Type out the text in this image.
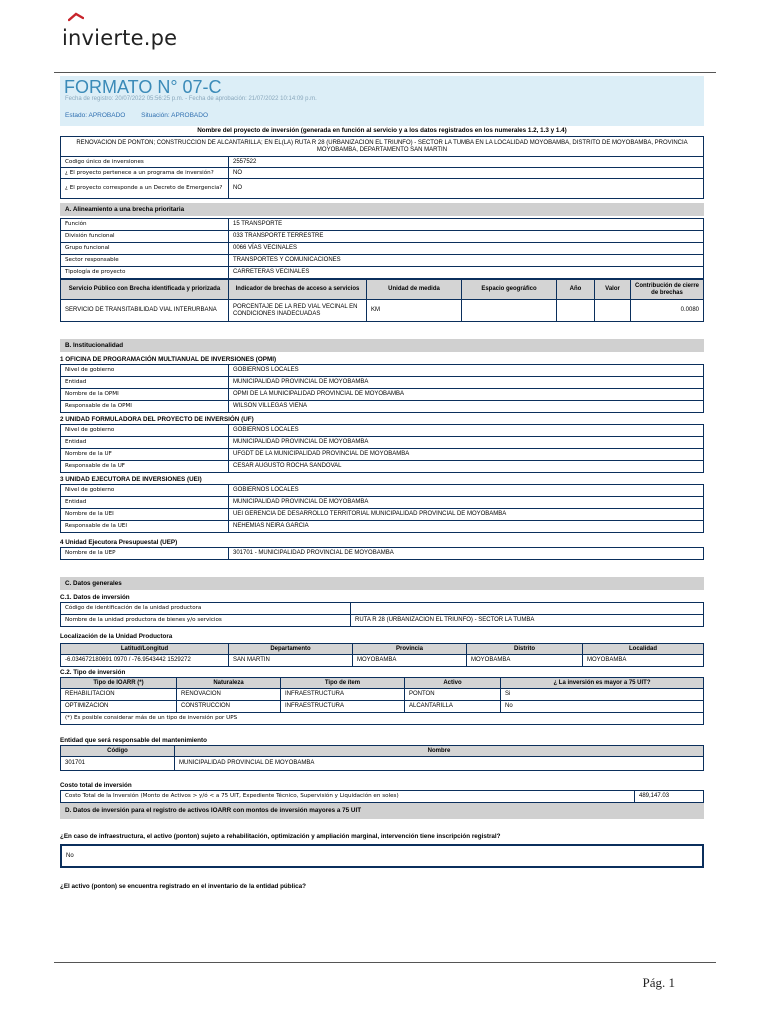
invierte.pe
FORMATO N° 07-C
Fecha de registro: 20/07/2022 05:56:25 p.m. - Fecha de aprobación: 21/07/2022 10:14:09 p.m.
Estado: APROBADO Situación: APROBADO
Nombre del proyecto de inversión (generada en función al servicio y a los datos registrados en los numerales 1.2, 1.3 y 1.4)
RENOVACION DE PONTON; CONSTRUCCION DE ALCANTARILLA; EN EL(LA) RUTA R 28 (URBANIZACION EL TRIUNFO) - SECTOR LA TUMBA EN LA LOCALIDAD MOYOBAMBA, DISTRITO DE MOYOBAMBA, PROVINCIA MOYOBAMBA, DEPARTAMENTO SAN MARTIN	
Codigo único de inversiones	2557522
¿ El proyecto pertenece a un programa de inversión?	NO
¿ El proyecto corresponde a un Decreto de Emergencia?	NO
A. Alineamiento a una brecha prioritaria
Función	15 TRANSPORTE
División funcional	033 TRANSPORTE TERRESTRE
Grupo funcional	0066 VÍAS VECINALES
Sector responsable	TRANSPORTES Y COMUNICACIONES
Tipología de proyecto	CARRETERAS VECINALES
Servicio Público con Brecha identificada y priorizada	Indicador de brechas de acceso a servicios	Unidad de medida	Espacio geográfico	Año	Valor	Contribución de cierre de brechas
SERVICIO DE TRANSITABILIDAD VIAL INTERURBANA	PORCENTAJE DE LA RED VIAL VECINAL EN CONDICIONES INADECUADAS	KM				0.0080
B. Institucionalidad
1 OFICINA DE PROGRAMACIÓN MULTIANUAL DE INVERSIONES (OPMI)
Nivel de gobierno	GOBIERNOS LOCALES
Entidad	MUNICIPALIDAD PROVINCIAL DE MOYOBAMBA
Nombre de la OPMI	OPMI DE LA MUNICIPALIDAD PROVINCIAL DE MOYOBAMBA
Responsable de la OPMI	WILSON VILLEGAS VIENA
2 UNIDAD FORMULADORA DEL PROYECTO DE INVERSIÓN (UF)
Nivel de gobierno	GOBIERNOS LOCALES
Entidad	MUNICIPALIDAD PROVINCIAL DE MOYOBAMBA
Nombre de la UF	UFGDT DE LA MUNICIPALIDAD PROVINCIAL DE MOYOBAMBA
Responsable de la UF	CESAR AUGUSTO ROCHA SANDOVAL
3 UNIDAD EJECUTORA DE INVERSIONES (UEI)
Nivel de gobierno	GOBIERNOS LOCALES
Entidad	MUNICIPALIDAD PROVINCIAL DE MOYOBAMBA
Nombre de la UEI	UEI GERENCIA DE DESARROLLO TERRITORIAL MUNICIPALIDAD PROVINCIAL DE MOYOBAMBA
Responsable de la UEI	NEHEMIAS NEIRA GARCIA
4 Unidad Ejecutora Presupuestal (UEP)
Nombre de la UEP	301701 - MUNICIPALIDAD PROVINCIAL DE MOYOBAMBA
C. Datos generales
C.1. Datos de inversión
Código de identificación de la unidad productora	
Nombre de la unidad productora de bienes y/o servicios	RUTA R 28 (URBANIZACION EL TRIUNFO) - SECTOR LA TUMBA
Localización de la Unidad Productora
Latitud/Longitud	Departamento	Provincia	Distrito	Localidad
-6.034672180691 0970 / -76.9543442 1529272	SAN MARTIN	MOYOBAMBA	MOYOBAMBA	MOYOBAMBA
C.2. Tipo de inversión
Tipo de IOARR (*)	Naturaleza	Tipo de ítem	Activo	¿ La inversión es mayor a 75 UIT?
REHABILITACION	RENOVACION	INFRAESTRUCTURA	PONTON	Si
OPTIMIZACION	CONSTRUCCION	INFRAESTRUCTURA	ALCANTARILLA	No
(*) Es posible considerar más de un tipo de inversión por UPS				
Entidad que será responsable del mantenimiento
Código	Nombre
301701	MUNICIPALIDAD PROVINCIAL DE MOYOBAMBA
Costo total de inversión
Costo Total de la Inversión (Monto de Activos > y/ó < a 75 UIT, Expediente Técnico, Supervisión y Liquidación en soles)	489,147.03
D. Datos de inversión para el registro de activos IOARR con montos de inversión mayores a 75 UIT
¿En caso de infraestructura, el activo (ponton) sujeto a rehabilitación, optimización y ampliación marginal, intervención tiene inscripción registral?
No
¿El activo (ponton) se encuentra registrado en el inventario de la entidad pública?
Pág. 1
